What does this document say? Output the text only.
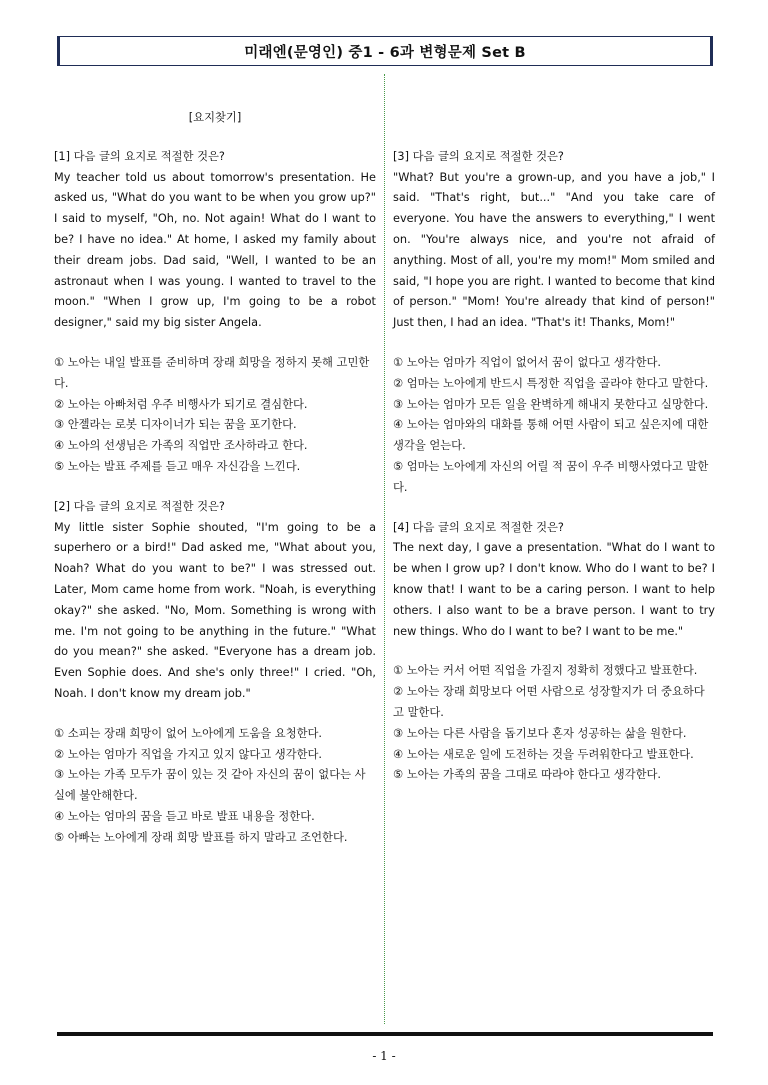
미래엔(문영인) 중1 - 6과 변형문제 Set B
[요지찾기]

[1] 다음 글의 요지로 적절한 것은?

My teacher told us about tomorrow's presentation. He asked us, "What do you want to be when you grow up?" I said to myself, "Oh, no. Not again! What do I want to be? I have no idea." At home, I asked my family about their dream jobs. Dad said, "Well, I wanted to be an astronaut when I was young. I wanted to travel to the moon." "When I grow up, I'm going to be a robot designer," said my big sister Angela.

① 노아는 내일 발표를 준비하며 장래 희망을 정하지 못해 고민한다.
② 노아는 아빠처럼 우주 비행사가 되기로 결심한다.
③ 안젤라는 로봇 디자이너가 되는 꿈을 포기한다.
④ 노아의 선생님은 가족의 직업만 조사하라고 한다.
⑤ 노아는 발표 주제를 듣고 매우 자신감을 느낀다.

[2] 다음 글의 요지로 적절한 것은?

My little sister Sophie shouted, "I'm going to be a superhero or a bird!" Dad asked me, "What about you, Noah? What do you want to be?" I was stressed out. Later, Mom came home from work. "Noah, is everything okay?" she asked. "No, Mom. Something is wrong with me. I'm not going to be anything in the future." "What do you mean?" she asked. "Everyone has a dream job. Even Sophie does. And she's only three!" I cried. "Oh, Noah. I don't know my dream job."

① 소피는 장래 희망이 없어 노아에게 도움을 요청한다.
② 노아는 엄마가 직업을 가지고 있지 않다고 생각한다.
③ 노아는 가족 모두가 꿈이 있는 것 같아 자신의 꿈이 없다는 사실에 불안해한다.
④ 노아는 엄마의 꿈을 듣고 바로 발표 내용을 정한다.
⑤ 아빠는 노아에게 장래 희망 발표를 하지 말라고 조언한다.

[3] 다음 글의 요지로 적절한 것은?

"What? But you're a grown-up, and you have a job," I said. "That's right, but..." "And you take care of everyone. You have the answers to everything," I went on. "You're always nice, and you're not afraid of anything. Most of all, you're my mom!" Mom smiled and said, "I hope you are right. I wanted to become that kind of person." "Mom! You're already that kind of person!" Just then, I had an idea. "That's it! Thanks, Mom!"

① 노아는 엄마가 직업이 없어서 꿈이 없다고 생각한다.
② 엄마는 노아에게 반드시 특정한 직업을 골라야 한다고 말한다.
③ 노아는 엄마가 모든 일을 완벽하게 해내지 못한다고 실망한다.
④ 노아는 엄마와의 대화를 통해 어떤 사람이 되고 싶은지에 대한 생각을 얻는다.
⑤ 엄마는 노아에게 자신의 어릴 적 꿈이 우주 비행사였다고 말한다.

[4] 다음 글의 요지로 적절한 것은?

The next day, I gave a presentation. "What do I want to be when I grow up? I don't know. Who do I want to be? I know that! I want to be a caring person. I want to help others. I also want to be a brave person. I want to try new things. Who do I want to be? I want to be me."

① 노아는 커서 어떤 직업을 가질지 정확히 정했다고 발표한다.
② 노아는 장래 희망보다 어떤 사람으로 성장할지가 더 중요하다고 말한다.
③ 노아는 다른 사람을 돕기보다 혼자 성공하는 삶을 원한다.
④ 노아는 새로운 일에 도전하는 것을 두려워한다고 발표한다.
⑤ 노아는 가족의 꿈을 그대로 따라야 한다고 생각한다.
- 1 -
